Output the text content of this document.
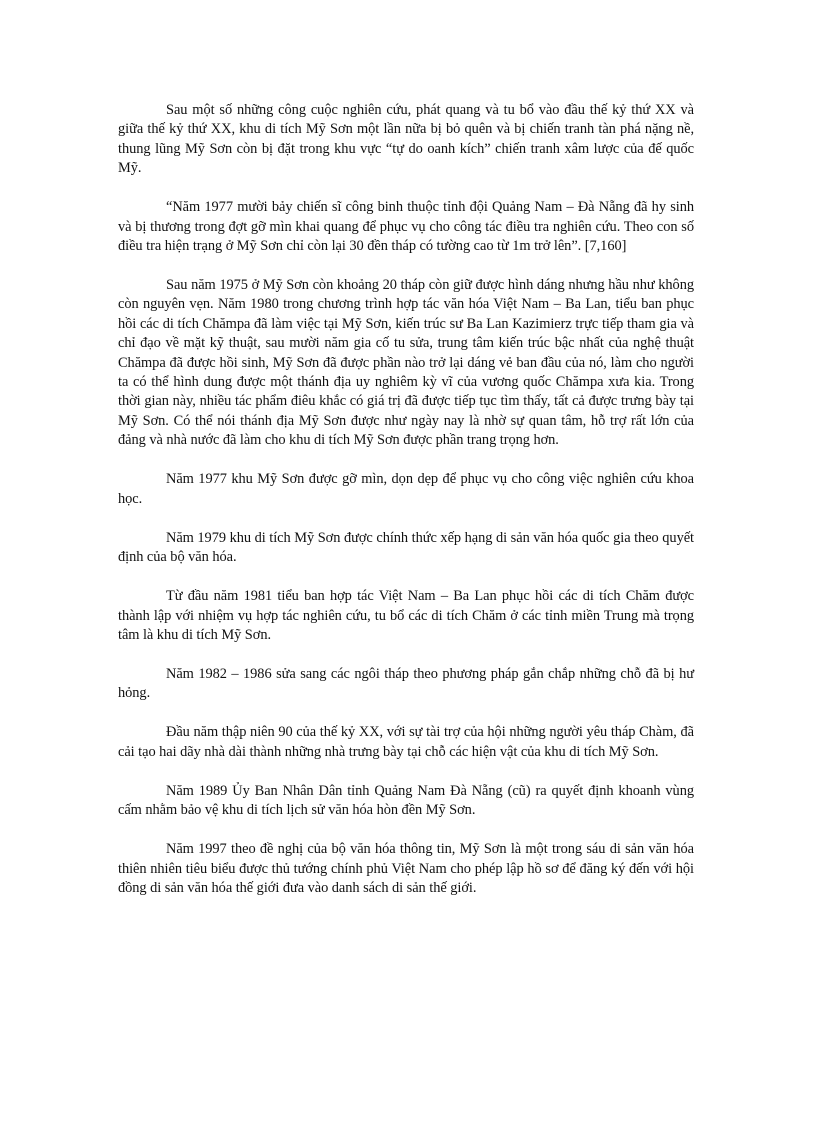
Sau một số những công cuộc nghiên cứu, phát quang và tu bổ vào đầu thế kỷ thứ XX và giữa thế kỷ thứ XX, khu di tích Mỹ Sơn một lần nữa bị bỏ quên và bị chiến tranh tàn phá nặng nề, thung lũng Mỹ Sơn còn bị đặt trong khu vực “tự do oanh kích” chiến tranh xâm lược của đế quốc Mỹ.

“Năm 1977 mười bảy chiến sĩ công binh thuộc tỉnh đội Quảng Nam – Đà Nẵng đã hy sinh và bị thương trong đợt gỡ mìn khai quang để phục vụ cho công tác điều tra nghiên cứu. Theo con số điều tra hiện trạng ở Mỹ Sơn chỉ còn lại 30 đền tháp có tường cao từ 1m trở lên”. [7,160]

Sau năm 1975 ở Mỹ Sơn còn khoảng 20 tháp còn giữ được hình dáng nhưng hầu như không còn nguyên vẹn. Năm 1980 trong chương trình hợp tác văn hóa Việt Nam – Ba Lan, tiểu ban phục hồi các di tích Chămpa đã làm việc tại Mỹ Sơn, kiến trúc sư Ba Lan Kazimierz trực tiếp tham gia và chỉ đạo về mặt kỹ thuật, sau mười năm gia cố tu sửa, trung tâm kiến trúc bậc nhất của nghệ thuật Chămpa đã được hồi sinh, Mỹ Sơn đã được phần nào trở lại dáng vẻ ban đầu của nó, làm cho người ta có thể hình dung được một thánh địa uy nghiêm kỳ vĩ của vương quốc Chămpa xưa kia. Trong thời gian này, nhiều tác phẩm điêu khắc có giá trị đã được tiếp tục tìm thấy, tất cả được trưng bày tại Mỹ Sơn. Có thể nói thánh địa Mỹ Sơn được như ngày nay là nhờ sự quan tâm, hỗ trợ rất lớn của đảng và nhà nước đã làm cho khu di tích Mỹ Sơn được phần trang trọng hơn.

Năm 1977 khu Mỹ Sơn được gỡ mìn, dọn dẹp để phục vụ cho công việc nghiên cứu khoa học.

Năm 1979 khu di tích Mỹ Sơn được chính thức xếp hạng di sản văn hóa quốc gia theo quyết định của bộ văn hóa.

Từ đầu năm 1981 tiểu ban hợp tác Việt Nam – Ba Lan phục hồi các di tích Chăm được thành lập với nhiệm vụ hợp tác nghiên cứu, tu bổ các di tích Chăm ở các tỉnh miền Trung mà trọng tâm là khu di tích Mỹ Sơn.

Năm 1982 – 1986 sửa sang các ngôi tháp theo phương pháp gắn chắp những chỗ đã bị hư hỏng.

Đầu năm thập niên 90 của thế kỷ XX, với sự tài trợ của hội những người yêu tháp Chàm, đã cải tạo hai dãy nhà dài thành những nhà trưng bày tại chỗ các hiện vật của khu di tích Mỹ Sơn.

Năm 1989 Ủy Ban Nhân Dân tỉnh Quảng Nam Đà Nẵng (cũ) ra quyết định khoanh vùng cấm nhằm bảo vệ khu di tích lịch sử văn hóa hòn đền Mỹ Sơn.

Năm 1997 theo đề nghị của bộ văn hóa thông tin, Mỹ Sơn là một trong sáu di sản văn hóa thiên nhiên tiêu biểu được thủ tướng chính phủ Việt Nam cho phép lập hồ sơ để đăng ký đến với hội đồng di sản văn hóa thế giới đưa vào danh sách di sản thế giới.
